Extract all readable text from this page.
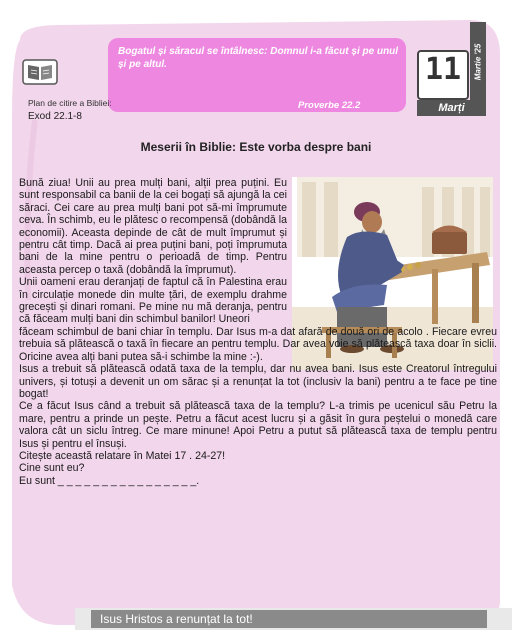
Bogatul și săracul se întâlnesc: Domnul i-a făcut și pe unul și pe altul.
Proverbe 22.2
Plan de citire a Bibliei:
Exod 22.1-8
Martie '25
11
Marți
Meserii în Biblie: Este vorba despre bani

Bună ziua! Unii au prea mulți bani, alții prea puțini. Eu sunt responsabil ca banii de la cei bogați să ajungă la cei săraci. Cei care au prea mulți bani pot să-mi împrumute ceva. În schimb, eu le plătesc o recompensă (dobândă la economii). Aceasta depinde de cât de mult împrumut și pentru cât timp. Dacă ai prea puțini bani, poți împrumuta bani de la mine pentru o perioadă de timp. Pentru aceasta percep o taxă (dobândă la împrumut).

Unii oameni erau deranjați de faptul că în Palestina erau în circulație monede din multe țări, de exemplu drahme grecești și dinari romani. Pe mine nu mă deranja, pentru că făceam mulți bani din schimbul banilor! Uneori

făceam schimbul de bani chiar în templu. Dar Isus m-a dat afară de două ori de acolo . Fiecare evreu trebuia să plătească o taxă în fiecare an pentru templu. Dar avea voie să plătească taxa doar în siclii. Oricine avea alți bani putea să-i schimbe la mine :-).

Isus a trebuit să plătească odată taxa de la templu, dar nu avea bani. Isus este Creatorul întregului univers, și totuși a devenit un om sărac și a renunțat la tot (inclusiv la bani) pentru a te face pe tine bogat!

Ce a făcut Isus când a trebuit să plătească taxa de la templu? L-a trimis pe ucenicul său Petru la mare, pentru a prinde un pește. Petru a făcut acest lucru și a găsit în gura peștelui o monedă care valora cât un siclu întreg. Ce mare minune! Apoi Petru a putut să plătească taxa de templu pentru Isus și pentru el însuși.

Citește această relatare în Matei 17 . 24-27!

Cine sunt eu?

Eu sunt _ _ _ _ _ _ _ _ _ _ _ _ _ _ _ _.

Isus Hristos a renunțat la tot!
